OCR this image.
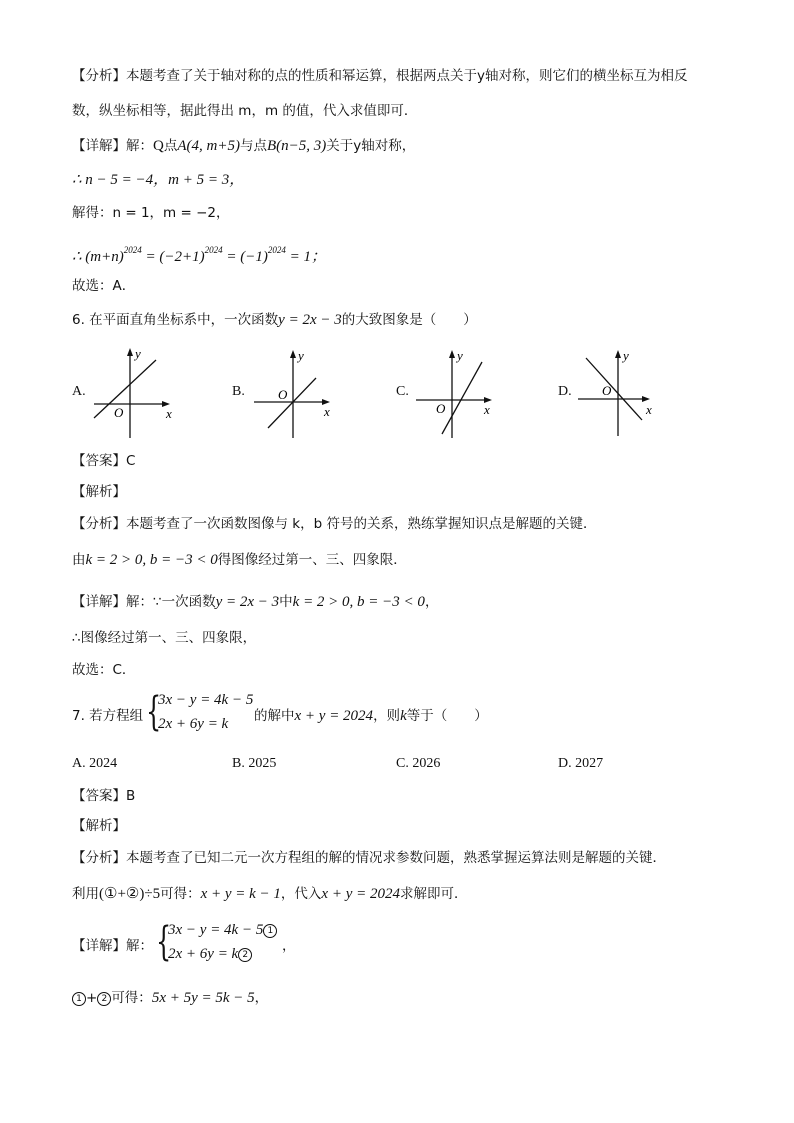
【分析】本题考查了关于轴对称的点的性质和幂运算，根据两点关于y轴对称，则它们的横坐标互为相反
数，纵坐标相等，据此得出 m，m 的值，代入求值即可．
【详解】解：Q点A(4, m+5)与点B(n−5, 3)关于y轴对称，
∴ n − 5 = −4，m + 5 = 3，
解得：n = 1，m = −2，
∴ $(m+n)^{2024} = (-2+1)^{2024} = (-1)^{2024} = 1$；
故选：A．
6. 在平面直角坐标系中，一次函数y = 2x − 3的大致图象是（　　）
A.
x
y
O
B.
x
y
O	C.
x
y
O
D.
x
y
O
【答案】C
【解析】
【分析】本题考查了一次函数图像与 k，b 符号的关系，熟练掌握知识点是解题的关键．
由k = 2 > 0, b = −3 < 0得图像经过第一、三、四象限．
【详解】解：∵一次函数y = 2x − 3中k = 2 > 0, b = −3 < 0，
∴图像经过第一、三、四象限，
故选：C．
7. 若方程组 {
3x − y = 4k − 5
2x + 6y = k 的解中x + y = 2024，则k等于（　　）
A. 2024	B. 2025	C. 2026	D. 2027
【答案】B
【解析】
【分析】本题考查了已知二元一次方程组的解的情况求参数问题，熟悉掌握运算法则是解题的关键．
利用(①+②)÷5可得：x + y = k − 1，代入x + y = 2024求解即可．
【详解】解： {
3x − y = 4k − 5 1
2x + 6y = k 2
，
1 + 2 可得：5x + 5y = 5k − 5，
